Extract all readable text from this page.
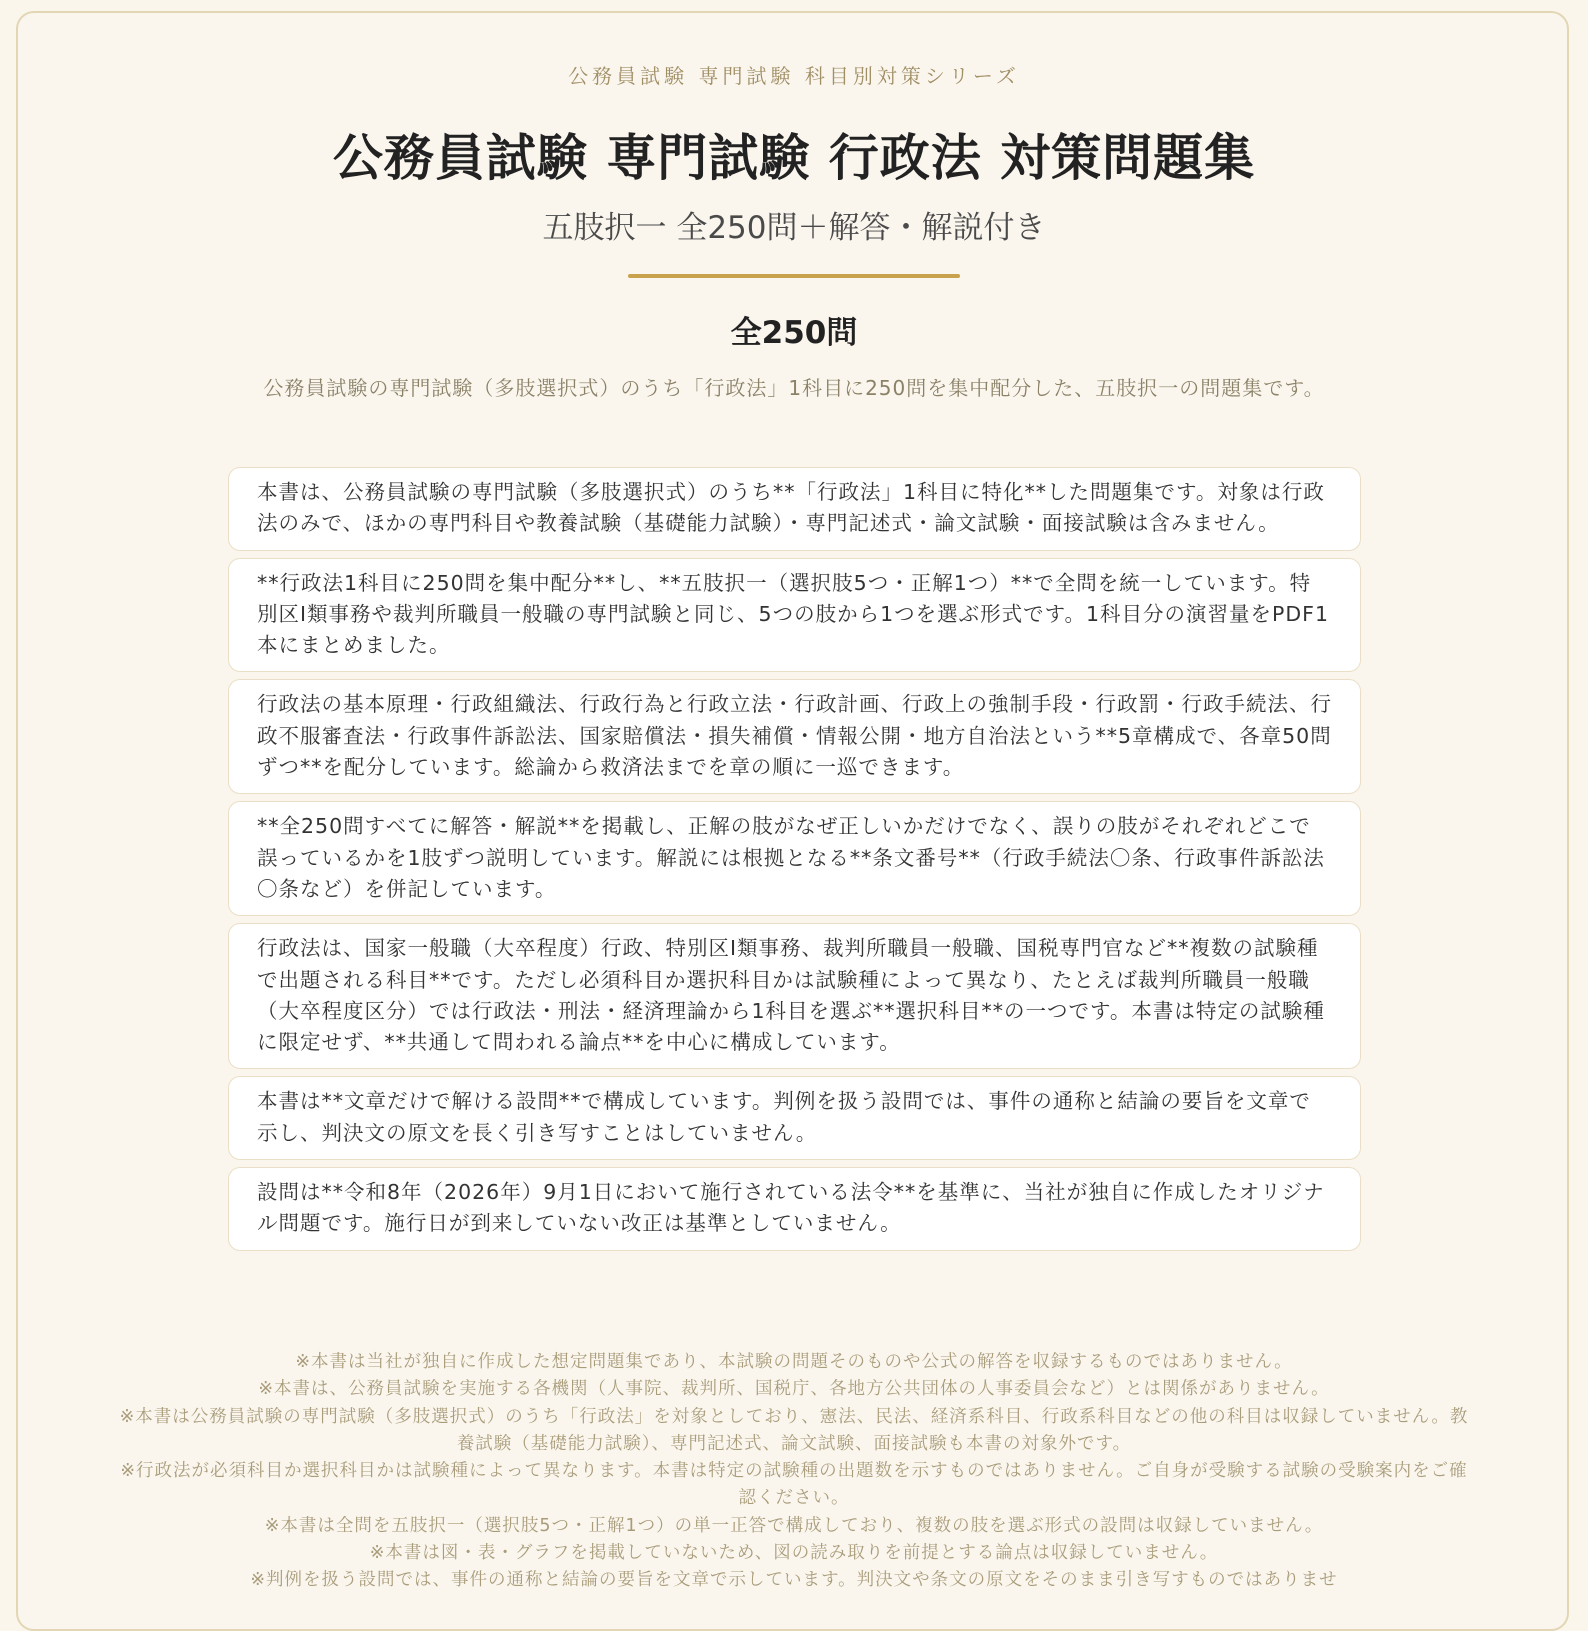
公務員試験 専門試験 科目別対策シリーズ
公務員試験 専門試験 行政法 対策問題集
五肢択一 全250問＋解答・解説付き
全250問
公務員試験の専門試験（多肢選択式）のうち「行政法」1科目に250問を集中配分した、五肢択一の問題集です。
本書は、公務員試験の専門試験（多肢選択式）のうち**「行政法」1科目に特化**した問題集です。対象は行政法のみで、ほかの専門科目や教養試験（基礎能力試験）・専門記述式・論文試験・面接試験は含みません。
**行政法1科目に250問を集中配分**し、**五肢択一（選択肢5つ・正解1つ）**で全問を統一しています。特別区Ⅰ類事務や裁判所職員一般職の専門試験と同じ、5つの肢から1つを選ぶ形式です。1科目分の演習量をPDF1本にまとめました。
行政法の基本原理・行政組織法、行政行為と行政立法・行政計画、行政上の強制手段・行政罰・行政手続法、行政不服審査法・行政事件訴訟法、国家賠償法・損失補償・情報公開・地方自治法という**5章構成で、各章50問ずつ**を配分しています。総論から救済法までを章の順に一巡できます。
**全250問すべてに解答・解説**を掲載し、正解の肢がなぜ正しいかだけでなく、誤りの肢がそれぞれどこで誤っているかを1肢ずつ説明しています。解説には根拠となる**条文番号**（行政手続法〇条、行政事件訴訟法〇条など）を併記しています。
行政法は、国家一般職（大卒程度）行政、特別区Ⅰ類事務、裁判所職員一般職、国税専門官など**複数の試験種で出題される科目**です。ただし必須科目か選択科目かは試験種によって異なり、たとえば裁判所職員一般職（大卒程度区分）では行政法・刑法・経済理論から1科目を選ぶ**選択科目**の一つです。本書は特定の試験種に限定せず、**共通して問われる論点**を中心に構成しています。
本書は**文章だけで解ける設問**で構成しています。判例を扱う設問では、事件の通称と結論の要旨を文章で示し、判決文の原文を長く引き写すことはしていません。
設問は**令和8年（2026年）9月1日において施行されている法令**を基準に、当社が独自に作成したオリジナル問題です。施行日が到来していない改正は基準としていません。
※本書は当社が独自に作成した想定問題集であり、本試験の問題そのものや公式の解答を収録するものではありません。
※本書は、公務員試験を実施する各機関（人事院、裁判所、国税庁、各地方公共団体の人事委員会など）とは関係がありません。
※本書は公務員試験の専門試験（多肢選択式）のうち「行政法」を対象としており、憲法、民法、経済系科目、行政系科目などの他の科目は収録していません。教養試験（基礎能力試験）、専門記述式、論文試験、面接試験も本書の対象外です。
※行政法が必須科目か選択科目かは試験種によって異なります。本書は特定の試験種の出題数を示すものではありません。ご自身が受験する試験の受験案内をご確認ください。
※本書は全問を五肢択一（選択肢5つ・正解1つ）の単一正答で構成しており、複数の肢を選ぶ形式の設問は収録していません。
※本書は図・表・グラフを掲載していないため、図の読み取りを前提とする論点は収録していません。
※判例を扱う設問では、事件の通称と結論の要旨を文章で示しています。判決文や条文の原文をそのまま引き写すものではありませ
